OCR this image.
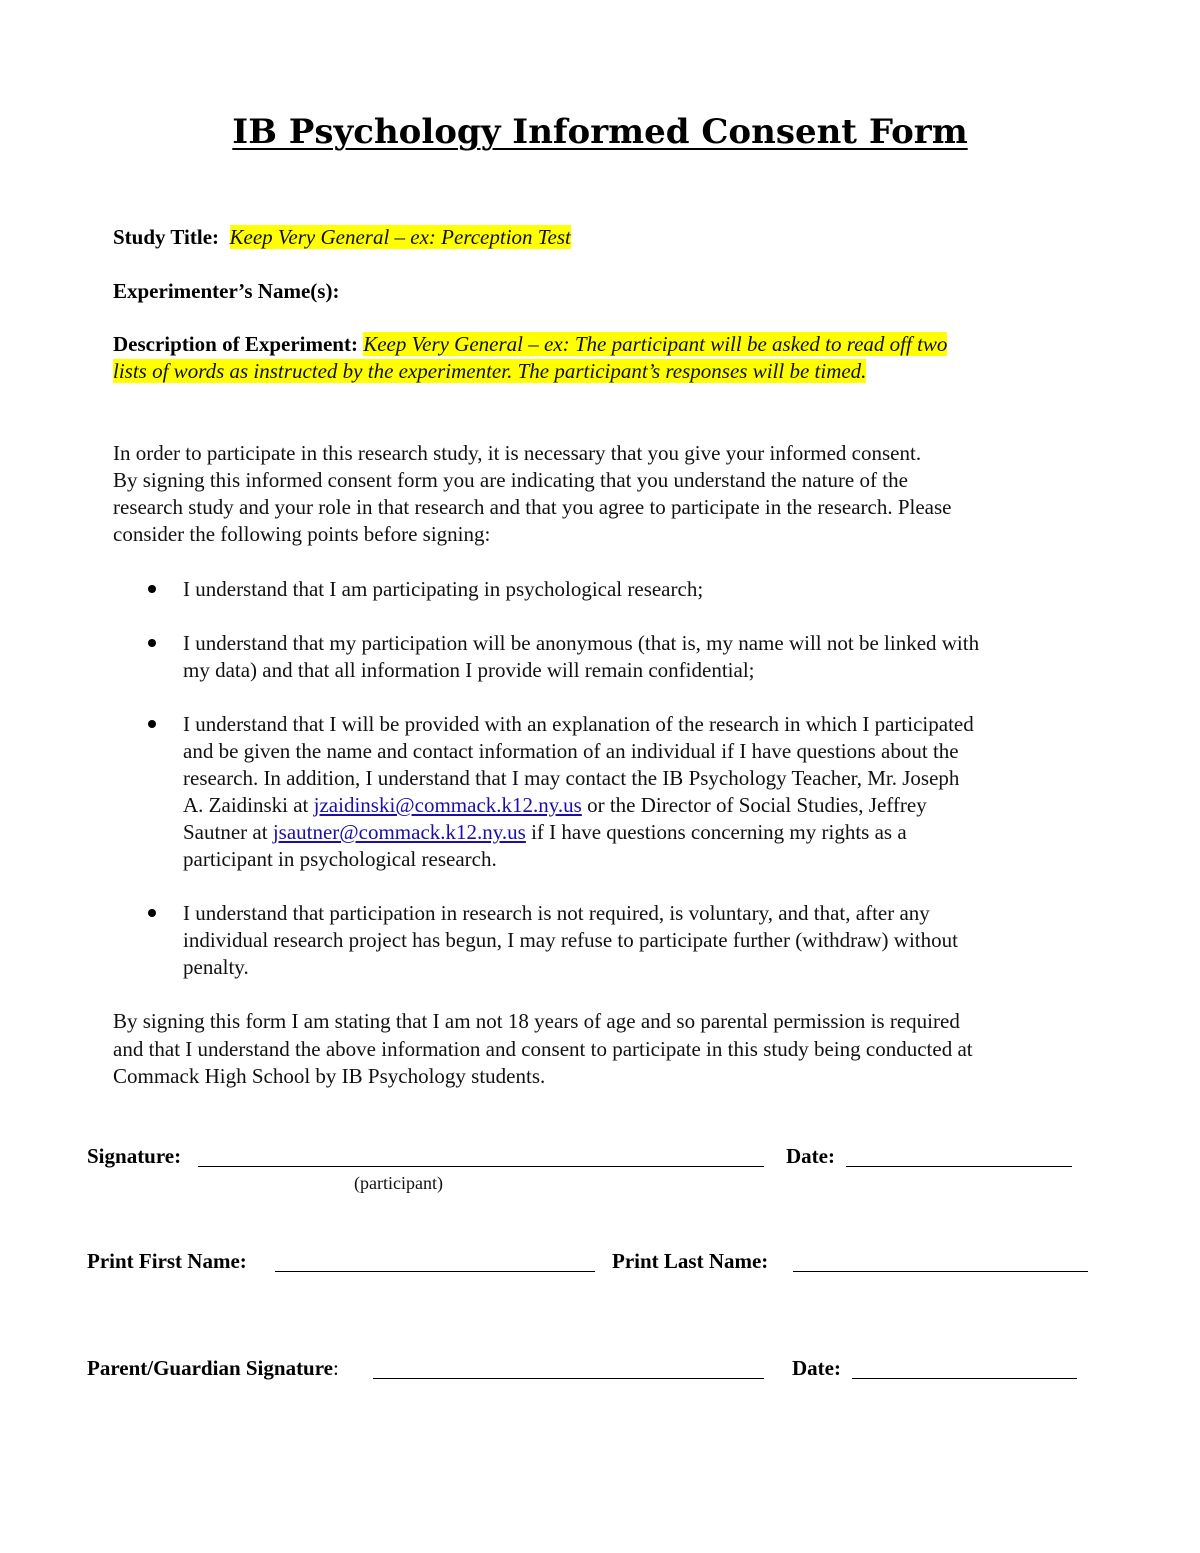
IB Psychology Informed Consent Form
Study Title: Keep Very General – ex: Perception Test
Experimenter’s Name(s):
Description of Experiment: Keep Very General – ex: The participant will be asked to read off two
lists of words as instructed by the experimenter. The participant’s responses will be timed.
In order to participate in this research study, it is necessary that you give your informed consent.
By signing this informed consent form you are indicating that you understand the nature of the
research study and your role in that research and that you agree to participate in the research. Please
consider the following points before signing:
I understand that I am participating in psychological research;
I understand that my participation will be anonymous (that is, my name will not be linked with
my data) and that all information I provide will remain confidential;
I understand that I will be provided with an explanation of the research in which I participated
and be given the name and contact information of an individual if I have questions about the
research. In addition, I understand that I may contact the IB Psychology Teacher, Mr. Joseph
A. Zaidinski at jzaidinski@commack.k12.ny.us or the Director of Social Studies, Jeffrey
Sautner at jsautner@commack.k12.ny.us if I have questions concerning my rights as a
participant in psychological research.
I understand that participation in research is not required, is voluntary, and that, after any
individual research project has begun, I may refuse to participate further (withdraw) without
penalty.
By signing this form I am stating that I am not 18 years of age and so parental permission is required
and that I understand the above information and consent to participate in this study being conducted at
Commack High School by IB Psychology students.
Signature:
(participant)
Date:
Print First Name:	Print Last Name:
Parent/Guardian Signature:	Date:
